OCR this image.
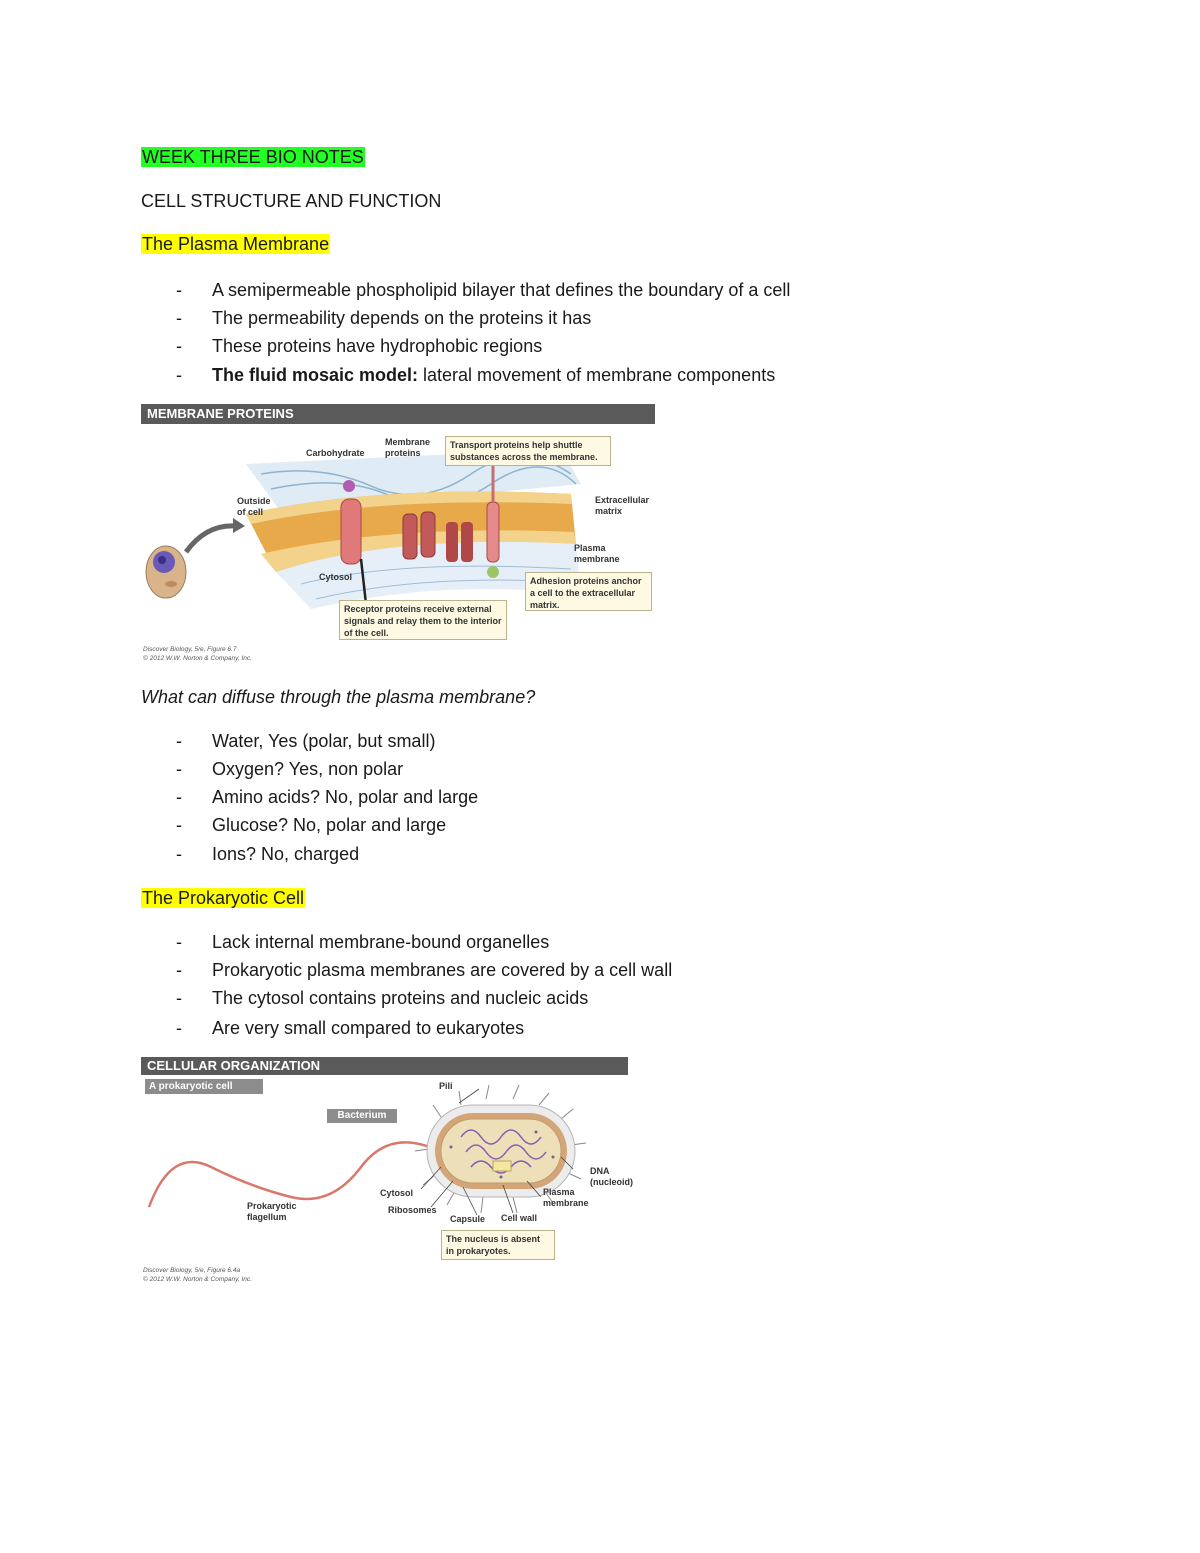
WEEK THREE BIO NOTES
CELL STRUCTURE AND FUNCTION
The Plasma Membrane
- A semipermeable phospholipid bilayer that defines the boundary of a cell
- The permeability depends on the proteins it has
- These proteins have hydrophobic regions
- The fluid mosaic model: lateral movement of membrane components
MEMBRANE PROTEINS
Carbohydrate
Membrane proteins
Outside of cell
Cytosol
Extracellular matrix
Plasma membrane
Transport proteins help shuttle substances across the membrane.
Adhesion proteins anchor a cell to the extracellular matrix.
Receptor proteins receive external signals and relay them to the interior of the cell.
Discover Biology, 5/e, Figure 6.7
© 2012 W.W. Norton & Company, Inc.
What can diffuse through the plasma membrane?
- Water, Yes (polar, but small)
- Oxygen? Yes, non polar
- Amino acids? No, polar and large
- Glucose? No, polar and large
- Ions? No, charged
The Prokaryotic Cell
- Lack internal membrane-bound organelles
- Prokaryotic plasma membranes are covered by a cell wall
- The cytosol contains proteins and nucleic acids
- Are very small compared to eukaryotes
CELLULAR ORGANIZATION
A prokaryotic cell
Bacterium
Pili
DNA (nucleoid)
Plasma membrane
Cell wall
Capsule
Ribosomes
Cytosol
Prokaryotic flagellum
The nucleus is absent in prokaryotes.
Discover Biology, 5/e, Figure 6.4a
© 2012 W.W. Norton & Company, Inc.
